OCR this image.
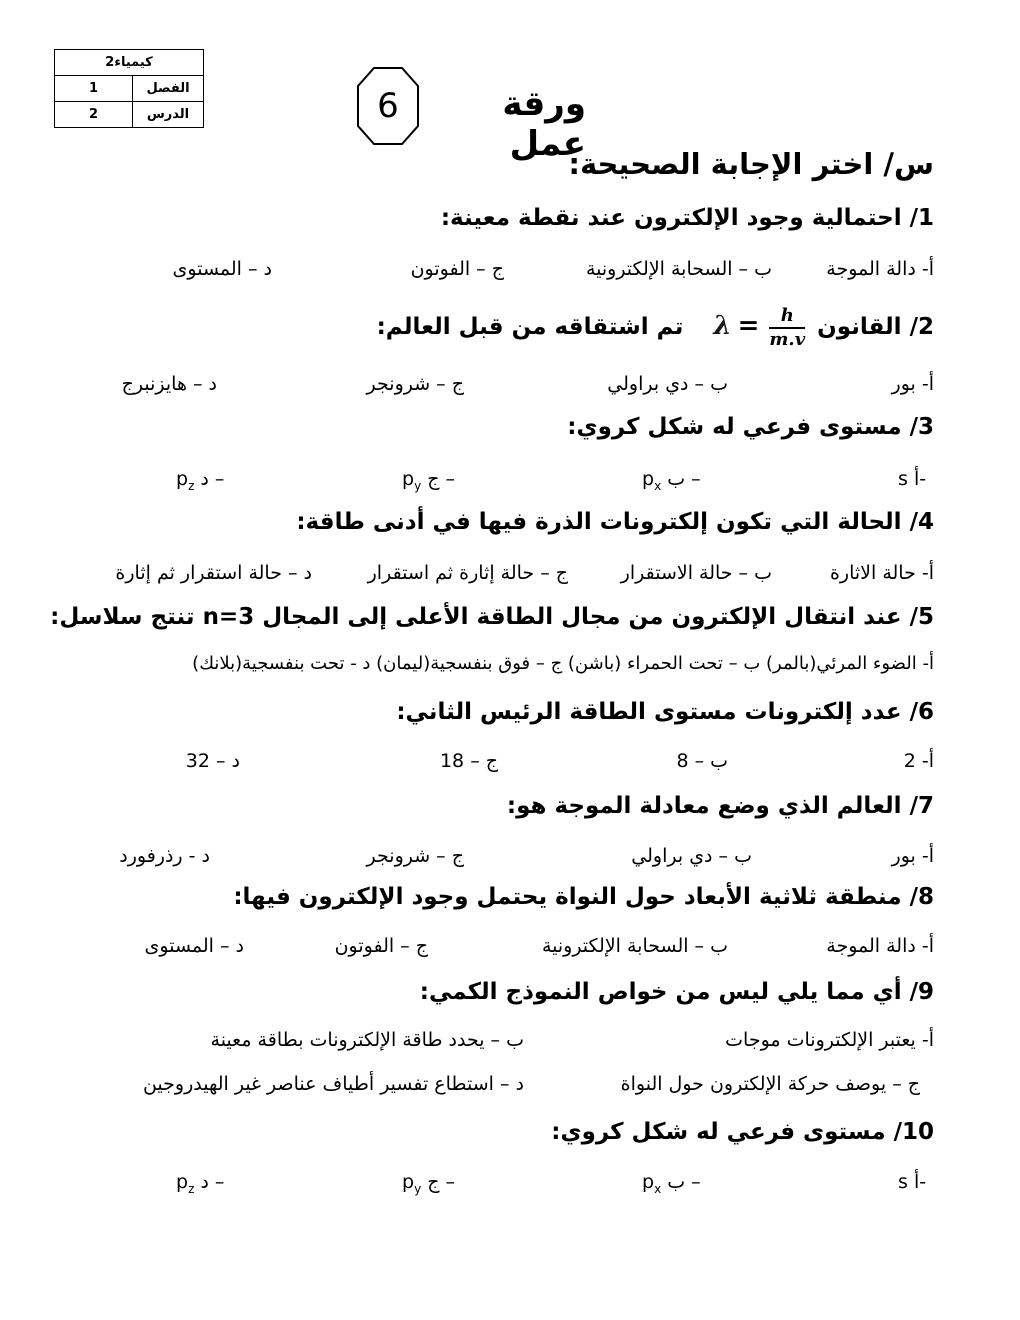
كيمياء2	
1	الفصل
2	الدرس	6	ورقة عمل
س/ اختر الإجابة الصحيحة:
1/ احتمالية وجود الإلكترون عند نقطة معينة:
أ- دالة الموجة
ب – السحابة الإلكترونية
ج – الفوتون
د – المستوى
2/ القانون
$\frac{h}{m.v}$
=λ تم اشتقاقه من قبل العالم:
أ- بور
ب – دي براولي
ج – شرونجر
د – هايزنبرج
3/ مستوى فرعي له شكل كروي:
s أ-
$p_x$ ب –
$p_y$ ج –
$p_z$ د –
4/ الحالة التي تكون إلكترونات الذرة فيها في أدنى طاقة:
أ- حالة الاثارة
ب – حالة الاستقرار
ج – حالة إثارة ثم استقرار
د – حالة استقرار ثم إثارة
5/ عند انتقال الإلكترون من مجال الطاقة الأعلى إلى المجال n=3 تنتج سلاسل:
أ- الضوء المرئي(بالمر) ب – تحت الحمراء (باشن) ج – فوق بنفسجية(ليمان) د - تحت بنفسجية(بلانك)
6/ عدد إلكترونات مستوى الطاقة الرئيس الثاني:
أ- 2
ب – 8
ج – 18
د – 32
7/ العالم الذي وضع معادلة الموجة هو:
أ- بور
ب – دي براولي
ج – شرونجر
د - رذرفورد
8/ منطقة ثلاثية الأبعاد حول النواة يحتمل وجود الإلكترون فيها:
أ- دالة الموجة
ب – السحابة الإلكترونية
ج – الفوتون
د – المستوى
9/ أي مما يلي ليس من خواص النموذج الكمي:
أ- يعتبر الإلكترونات موجات
ب – يحدد طاقة الإلكترونات بطاقة معينة
ج – يوصف حركة الإلكترون حول النواة
د – استطاع تفسير أطياف عناصر غير الهيدروجين
10/ مستوى فرعي له شكل كروي:
s أ-
$p_x$ ب –
$p_y$ ج –
$p_z$ د –
